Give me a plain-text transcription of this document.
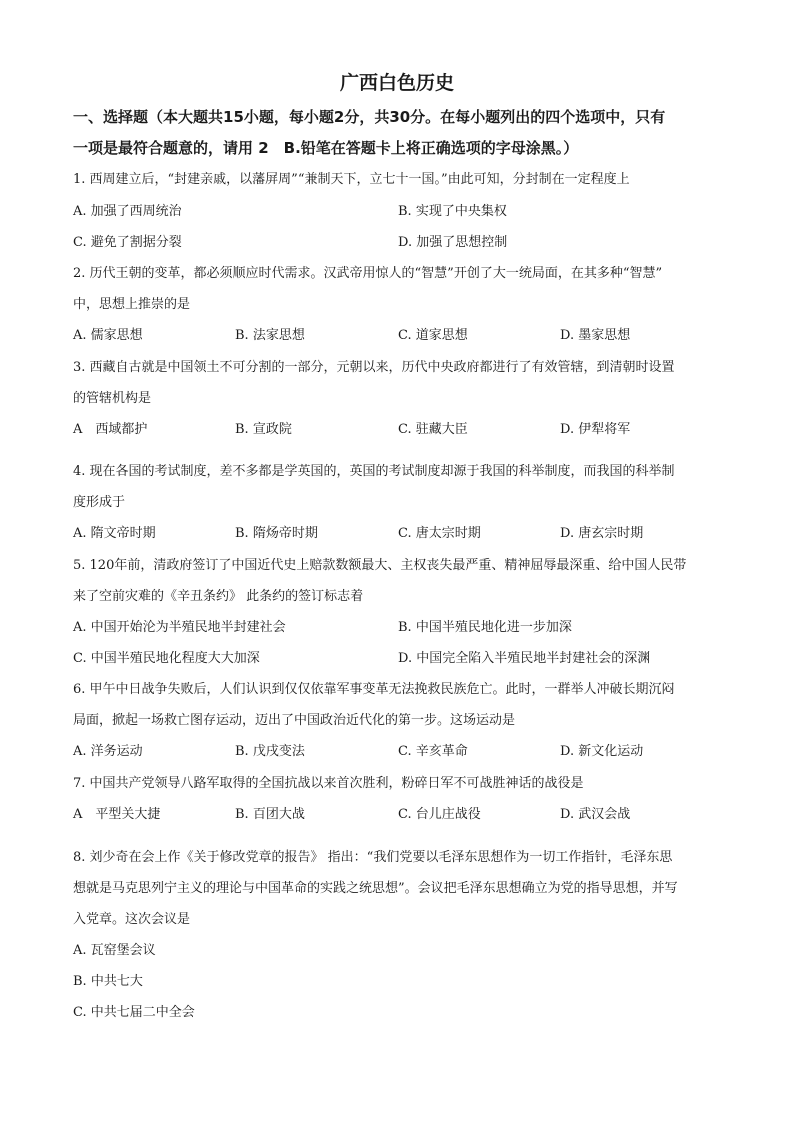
广西白色历史
一、选择题（本大题共15小题，每小题2分，共30分。在每小题列出的四个选项中，只有
一项是最符合题意的，请用 2　B.铅笔在答题卡上将正确选项的字母涂黑。）
1. 西周建立后，“封建亲戚，以藩屏周”“兼制天下，立七十一国。”由此可知，分封制在一定程度上
A. 加强了西周统治	B. 实现了中央集权
C. 避免了割据分裂	D. 加强了思想控制
2. 历代王朝的变革，都必须顺应时代需求。汉武帝用惊人的“智慧”开创了大一统局面，在其多种“智慧”
中，思想上推崇的是
A. 儒家思想	B. 法家思想	C. 道家思想	D. 墨家思想
3. 西藏自古就是中国领土不可分割的一部分，元朝以来，历代中央政府都进行了有效管辖，到清朝时设置
的管辖机构是
A　西域都护	B. 宣政院	C. 驻藏大臣	D. 伊犁将军
4. 现在各国的考试制度，差不多都是学英国的，英国的考试制度却源于我国的科举制度，而我国的科举制
度形成于
A. 隋文帝时期	B. 隋炀帝时期	C. 唐太宗时期	D. 唐玄宗时期
5. 120年前，清政府签订了中国近代史上赔款数额最大、主权丧失最严重、精神屈辱最深重、给中国人民带
来了空前灾难的《辛丑条约》 此条约的签订标志着
A. 中国开始沦为半殖民地半封建社会	B. 中国半殖民地化进一步加深
C. 中国半殖民地化程度大大加深	D. 中国完全陷入半殖民地半封建社会的深渊
6. 甲午中日战争失败后，人们认识到仅仅依靠军事变革无法挽救民族危亡。此时，一群举人冲破长期沉闷
局面，掀起一场救亡图存运动，迈出了中国政治近代化的第一步。这场运动是
A. 洋务运动	B. 戊戌变法	C. 辛亥革命	D. 新文化运动
7. 中国共产党领导八路军取得的全国抗战以来首次胜利，粉碎日军不可战胜神话的战役是
A　平型关大捷	B. 百团大战	C. 台儿庄战役	D. 武汉会战
8. 刘少奇在会上作《关于修改党章的报告》 指出：“我们党要以毛泽东思想作为一切工作指针，毛泽东思
想就是马克思列宁主义的理论与中国革命的实践之统思想”。会议把毛泽东思想确立为党的指导思想，并写
入党章。这次会议是
A. 瓦窑堡会议
B. 中共七大
C. 中共七届二中全会
